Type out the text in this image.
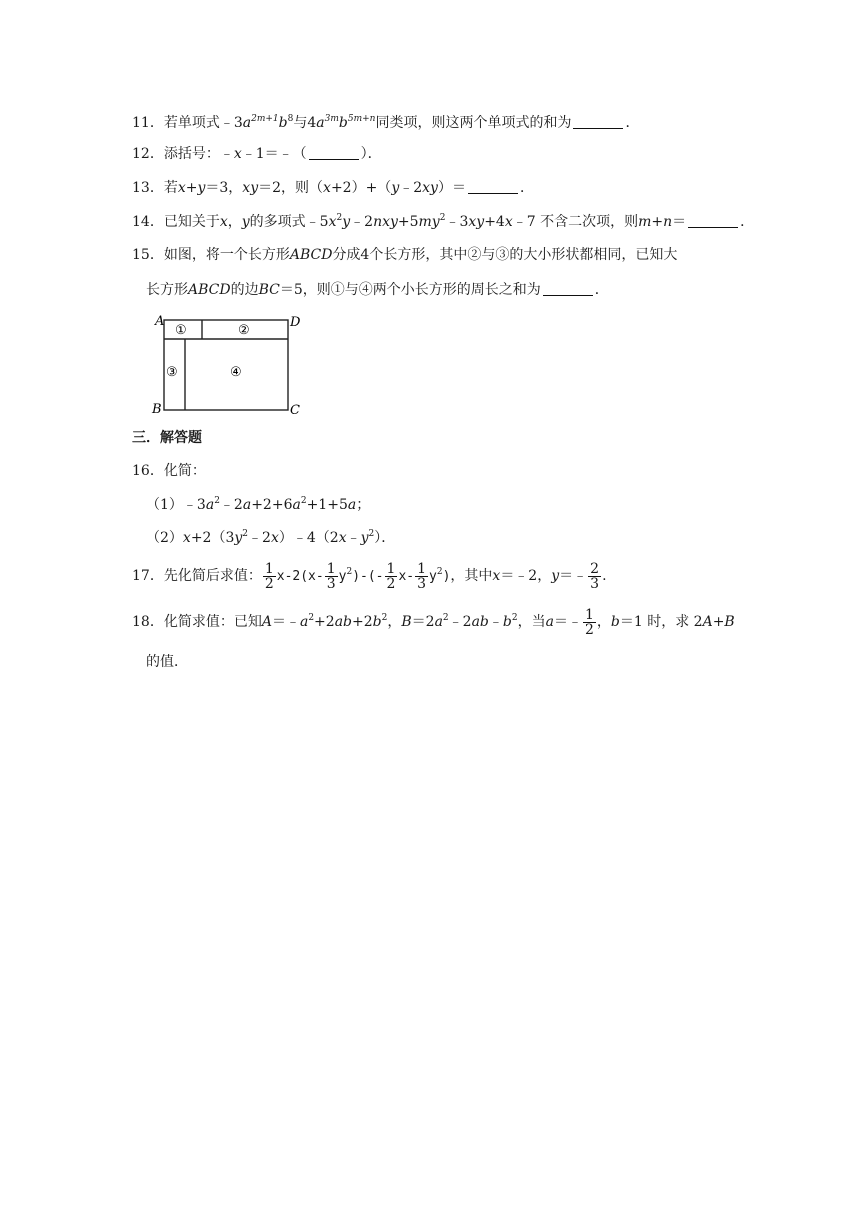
11．若单项式$﹣3a^{2m+1}b^8$与$4a^{3m}b^{5m+n}$同类项，则这两个单项式的和为	．
12．添括号：﹣x﹣1＝﹣（	）．
13．若x+y＝3，xy＝2，则（x+2）+（y﹣2xy）＝	．
14．已知关于x，y的多项式$﹣5x^2y﹣2nxy+5my^2﹣3xy+4x﹣7$ 不含二次项，则m+n＝	．
15．如图，将一个长方形ABCD分成4个长方形，其中②与③的大小形状都相同，已知大
长方形ABCD的边BC＝5，则①与④两个小长方形的周长之和为	．
A	D
B	C
①	②
③	④
三．解答题
16．化简：
$(1)﹣3a^2﹣2a+2+6a^2+1+5a$；
$(2)x+2(3y^2﹣2x)﹣4(2x﹣y^2)$．
17．先化简后求值： $\frac{1}{2} x-2(x- \frac{1}{3} y^2)-(- \frac{1}{2} x- \frac{1}{3} y^2)$，其中x＝﹣2，y＝﹣ $\frac{2}{3}$ .
18．化简求值：已知$A=﹣a^2+2ab+2b^2$，$B=2a^2﹣2ab﹣b^2$，当a＝﹣ $\frac{1}{2}$ ，b＝1 时，求 2A+B
的值．
